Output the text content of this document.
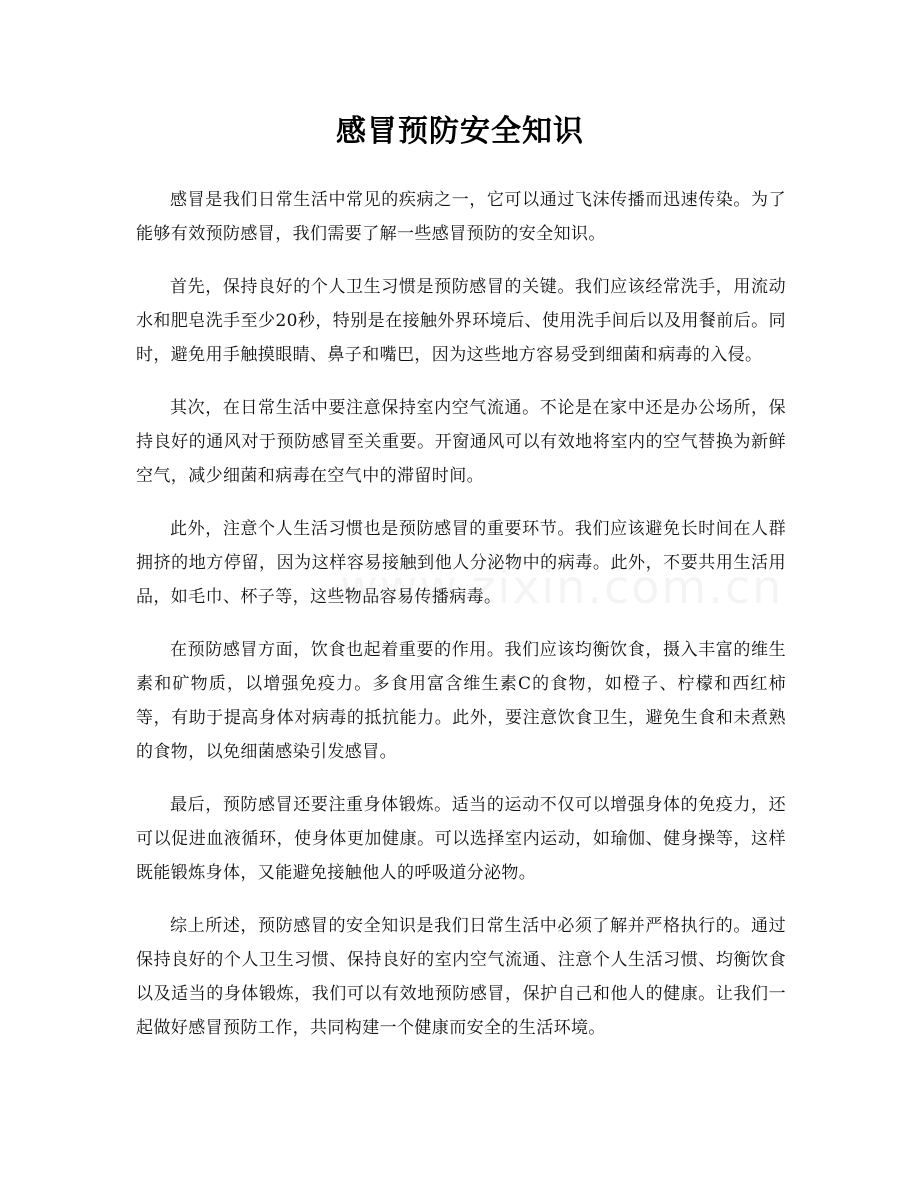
感冒预防安全知识

感冒是我们日常生活中常见的疾病之一，它可以通过飞沫传播而迅速传染。为了能够有效预防感冒，我们需要了解一些感冒预防的安全知识。

首先，保持良好的个人卫生习惯是预防感冒的关键。我们应该经常洗手，用流动水和肥皂洗手至少20秒，特别是在接触外界环境后、使用洗手间后以及用餐前后。同时，避免用手触摸眼睛、鼻子和嘴巴，因为这些地方容易受到细菌和病毒的入侵。

其次，在日常生活中要注意保持室内空气流通。不论是在家中还是办公场所，保持良好的通风对于预防感冒至关重要。开窗通风可以有效地将室内的空气替换为新鲜空气，减少细菌和病毒在空气中的滞留时间。

此外，注意个人生活习惯也是预防感冒的重要环节。我们应该避免长时间在人群拥挤的地方停留，因为这样容易接触到他人分泌物中的病毒。此外，不要共用生活用品，如毛巾、杯子等，这些物品容易传播病毒。

在预防感冒方面，饮食也起着重要的作用。我们应该均衡饮食，摄入丰富的维生素和矿物质，以增强免疫力。多食用富含维生素C的食物，如橙子、柠檬和西红柿等，有助于提高身体对病毒的抵抗能力。此外，要注意饮食卫生，避免生食和未煮熟的食物，以免细菌感染引发感冒。

最后，预防感冒还要注重身体锻炼。适当的运动不仅可以增强身体的免疫力，还可以促进血液循环，使身体更加健康。可以选择室内运动，如瑜伽、健身操等，这样既能锻炼身体，又能避免接触他人的呼吸道分泌物。

综上所述，预防感冒的安全知识是我们日常生活中必须了解并严格执行的。通过保持良好的个人卫生习惯、保持良好的室内空气流通、注意个人生活习惯、均衡饮食以及适当的身体锻炼，我们可以有效地预防感冒，保护自己和他人的健康。让我们一起做好感冒预防工作，共同构建一个健康而安全的生活环境。
